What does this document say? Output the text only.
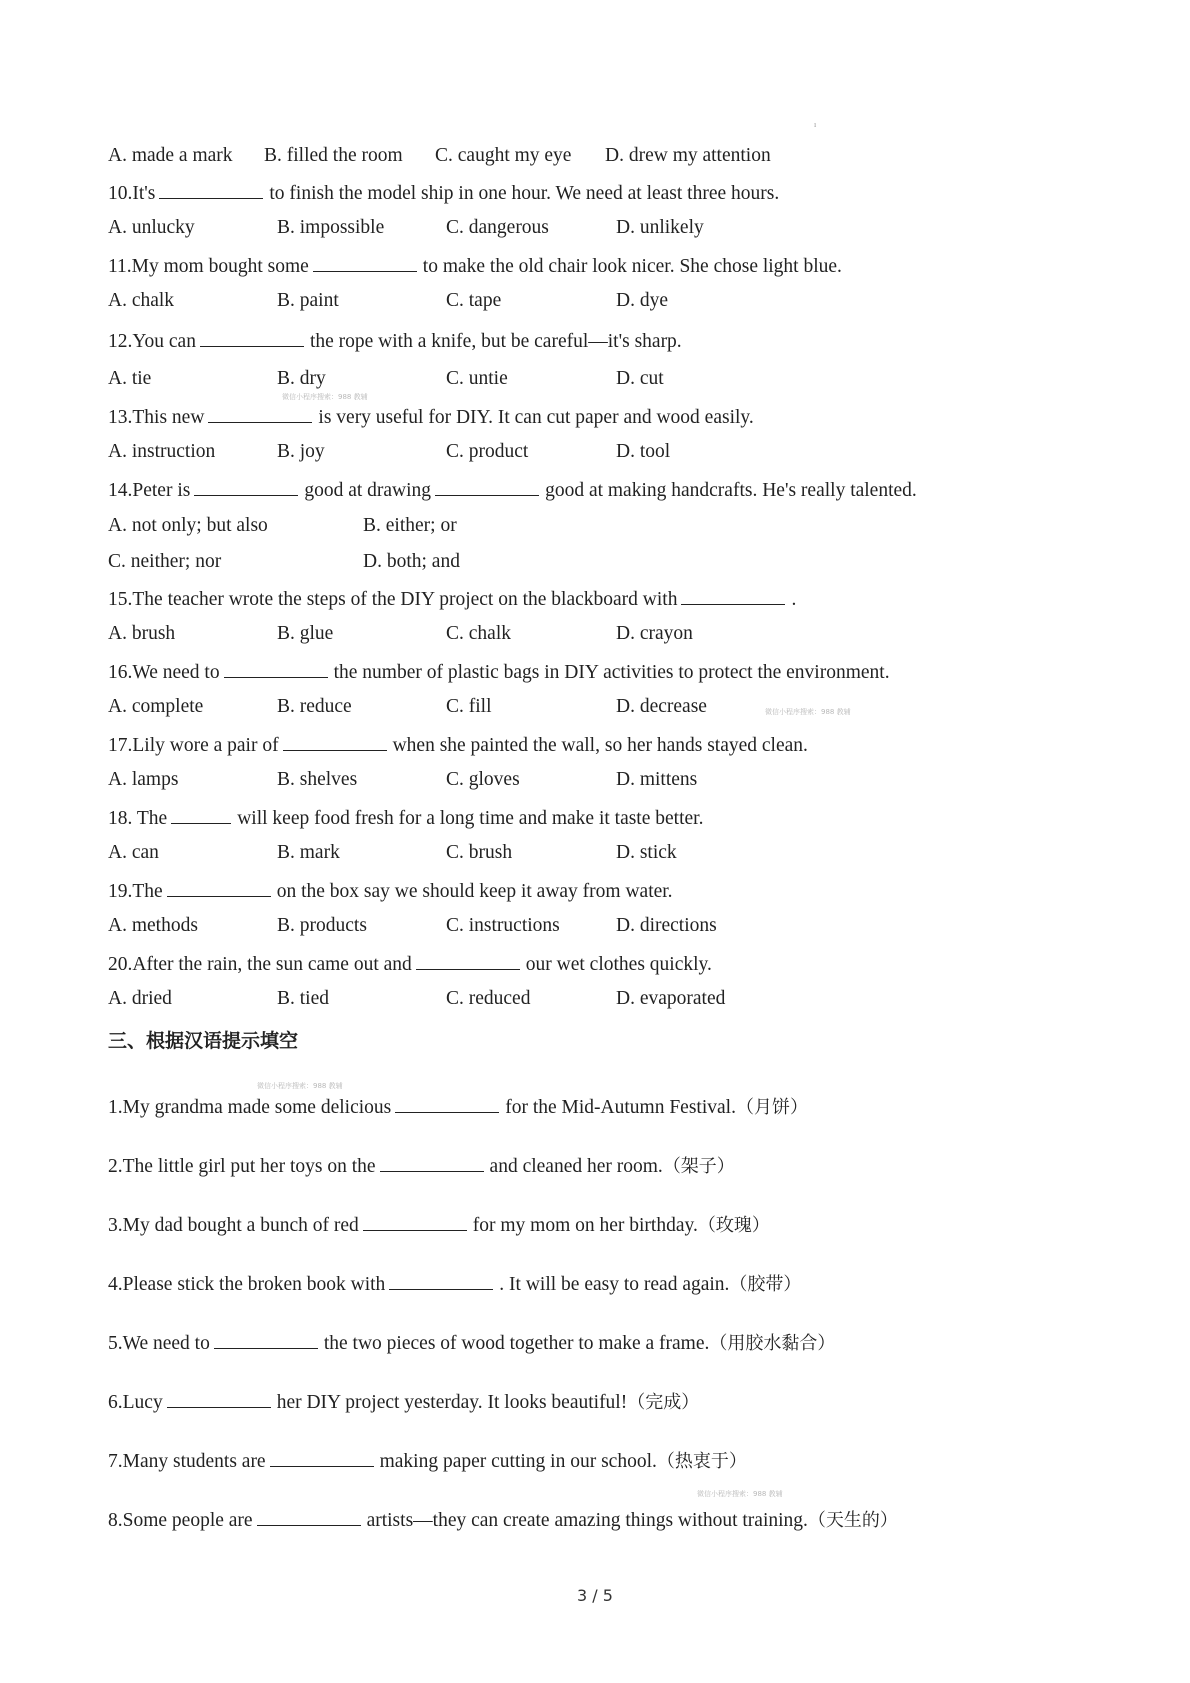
ı
A. made a mark B. filled the room C. caught my eye D. drew my attention
10.It's	to finish the model ship in one hour. We need at least three hours.
A. unlucky	B. impossible	C. dangerous	D. unlikely
11.My mom bought some	to make the old chair look nicer. She chose light blue.
A. chalk	B. paint	C. tape	D. dye
12.You can	the rope with a knife, but be careful—it's sharp.
A. tie	B. dry	C. untie	D. cut
微信小程序搜索：988 教辅
13.This new	is very useful for DIY. It can cut paper and wood easily.
A. instruction	B. joy	C. product	D. tool
14.Peter is	good at drawing	good at making handcrafts. He's really talented.
A. not only; but also	B. either; or
C. neither; nor	D. both; and
15.The teacher wrote the steps of the DIY project on the blackboard with	.
A. brush	B. glue	C. chalk	D. crayon
16.We need to	the number of plastic bags in DIY activities to protect the environment.
A. complete	B. reduce	C. fill	D. decrease	微信小程序搜索：988 教辅
17.Lily wore a pair of	when she painted the wall, so her hands stayed clean.
A. lamps	B. shelves	C. gloves	D. mittens
18. The	will keep food fresh for a long time and make it taste better.
A. can	B. mark	C. brush	D. stick
19.The	on the box say we should keep it away from water.
A. methods	B. products	C. instructions	D. directions
20.After the rain, the sun came out and	our wet clothes quickly.
A. dried	B. tied	C. reduced	D. evaporated
三、根据汉语提示填空
微信小程序搜索：988 教辅
1.My grandma made some delicious	for the Mid-Autumn Festival.（月饼）
2.The little girl put her toys on the	and cleaned her room.（架子）
3.My dad bought a bunch of red	for my mom on her birthday.（玫瑰）
4.Please stick the broken book with	. It will be easy to read again.（胶带）
5.We need to	the two pieces of wood together to make a frame.（用胶水黏合）
6.Lucy	her DIY project yesterday. It looks beautiful!（完成）
7.Many students are	making paper cutting in our school.（热衷于）
微信小程序搜索：988 教辅
8.Some people are	artists—they can create amazing things without training.（天生的）
3 / 5
